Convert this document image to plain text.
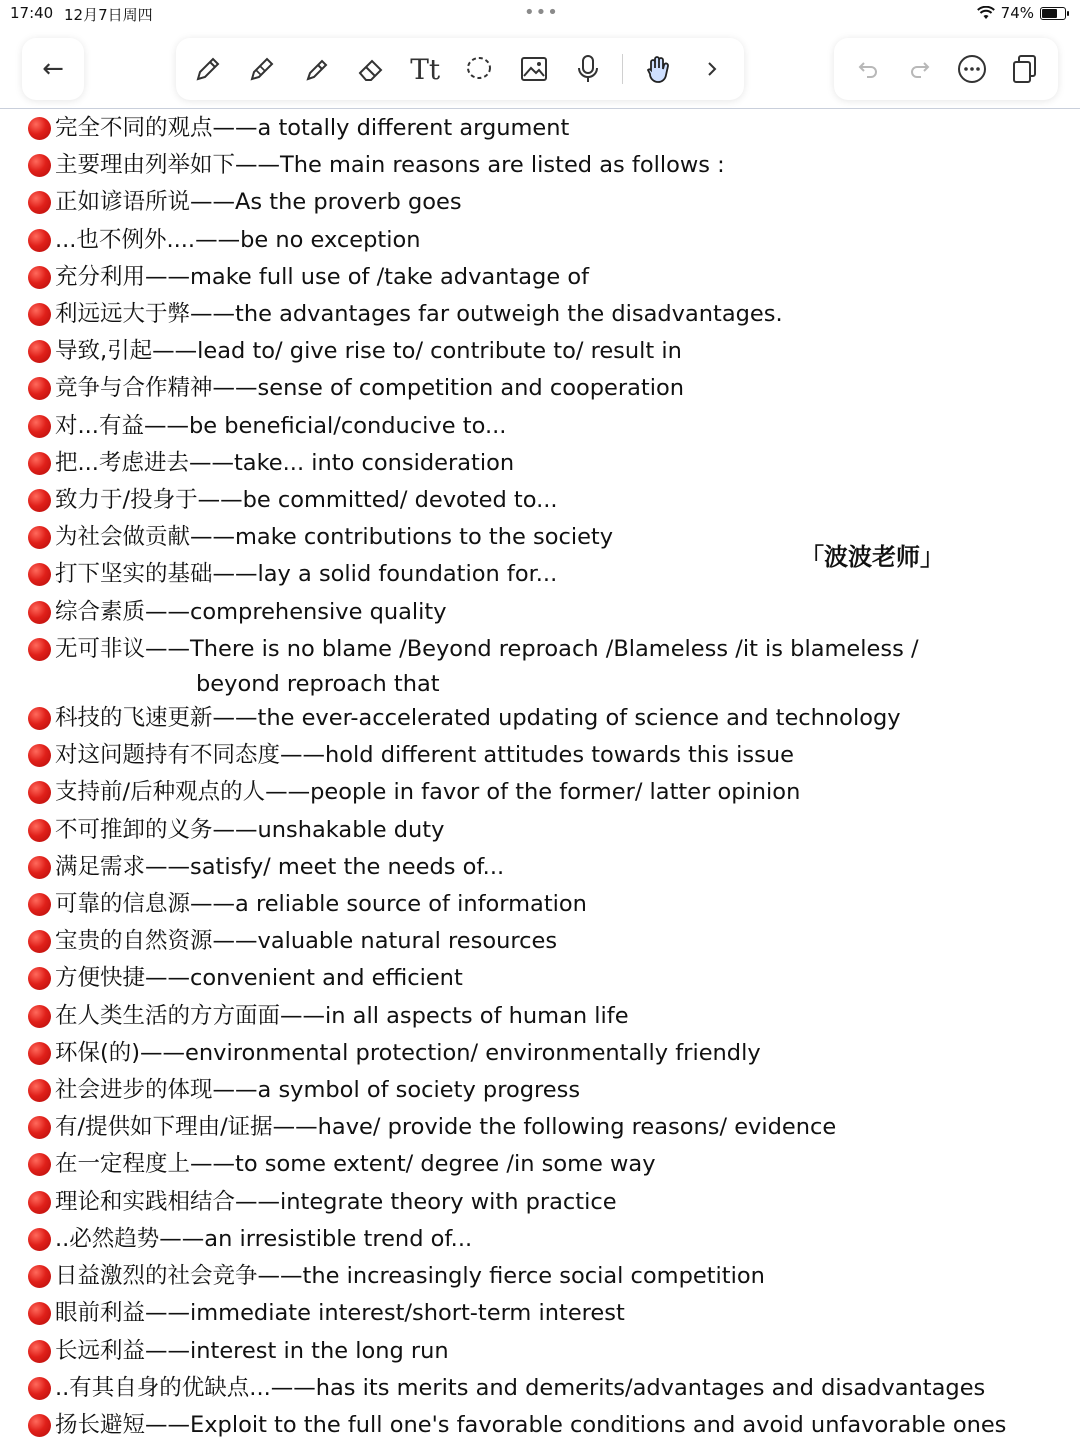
17:40 12月7日周四	•••	74%
←	Tt
完全不同的观点——a totally different argument
主要理由列举如下——The main reasons are listed as follows :
正如谚语所说——As the proverb goes
...也不例外....——be no exception
充分利用——make full use of /take advantage of
利远远大于弊——the advantages far outweigh the disadvantages.
导致,引起——lead to/ give rise to/ contribute to/ result in
竞争与合作精神——sense of competition and cooperation
对...有益——be beneficial/conducive to...
把...考虑进去——take... into consideration
致力于/投身于——be committed/ devoted to...
为社会做贡献——make contributions to the society
打下坚实的基础——lay a solid foundation for...
综合素质——comprehensive quality
无可非议——There is no blame /Beyond reproach /Blameless /it is blameless /
beyond reproach that
科技的飞速更新——the ever-accelerated updating of science and technology
对这问题持有不同态度——hold different attitudes towards this issue
支持前/后种观点的人——people in favor of the former/ latter opinion
不可推卸的义务——unshakable duty
满足需求——satisfy/ meet the needs of...
可靠的信息源——a reliable source of information
宝贵的自然资源——valuable natural resources
方便快捷——convenient and efficient
在人类生活的方方面面——in all aspects of human life
环保(的)——environmental protection/ environmentally friendly
社会进步的体现——a symbol of society progress
有/提供如下理由/证据——have/ provide the following reasons/ evidence
在一定程度上——to some extent/ degree /in some way
理论和实践相结合——integrate theory with practice
..必然趋势——an irresistible trend of...
日益激烈的社会竞争——the increasingly fierce social competition
眼前利益——immediate interest/short-term interest
长远利益——interest in the long run
..有其自身的优缺点...——has its merits and demerits/advantages and disadvantages
扬长避短——Exploit to the full one's favorable conditions and avoid unfavorable ones
「波波老师」
